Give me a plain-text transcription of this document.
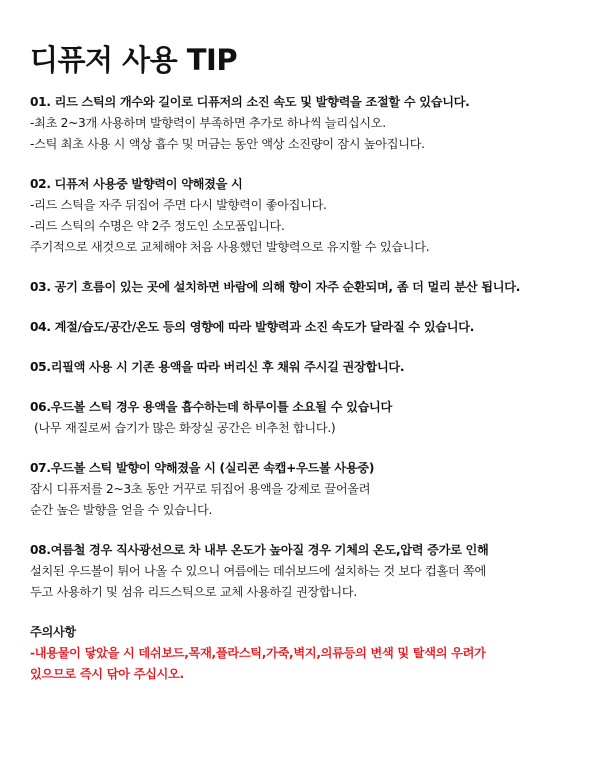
디퓨저 사용 TIP
01. 리드 스틱의 개수와 길이로 디퓨저의 소진 속도 및 발향력을 조절할 수 있습니다.
-최초 2~3개 사용하며 발향력이 부족하면 추가로 하나씩 늘리십시오.
-스틱 최초 사용 시 액상 흡수 및 머금는 동안 액상 소진량이 잠시 높아집니다.
02. 디퓨저 사용중 발향력이 약해졌을 시
-리드 스틱을 자주 뒤집어 주면 다시 발향력이 좋아집니다.
-리드 스틱의 수명은 약 2주 정도인 소모품입니다.
주기적으로 새것으로 교체해야 처음 사용했던 발향력으로 유지할 수 있습니다.
03. 공기 흐름이 있는 곳에 설치하면 바람에 의해 향이 자주 순환되며, 좀 더 멀리 분산 됩니다.
04. 계절/습도/공간/온도 등의 영향에 따라 발향력과 소진 속도가 달라질 수 있습니다.
05.리필액 사용 시 기존 용액을 따라 버리신 후 채워 주시길 권장합니다.
06.우드볼 스틱 경우 용액을 흡수하는데 하루이틀 소요될 수 있습니다
(나무 재질로써 습기가 많은 화장실 공간은 비추천 합니다.)
07.우드볼 스틱 발향이 약해졌을 시 (실리콘 속캡+우드볼 사용중)
잠시 디퓨저를 2~3초 동안 거꾸로 뒤집어 용액을 강제로 끌어올려
순간 높은 발향을 얻을 수 있습니다.
08.여름철 경우 직사광선으로 차 내부 온도가 높아질 경우 기체의 온도,압력 증가로 인해
설치된 우드볼이 튀어 나올 수 있으니 여름에는 데쉬보드에 설치하는 것 보다 컵홀더 쪽에
두고 사용하기 및 섬유 리드스틱으로 교체 사용하길 권장합니다.
주의사항
-내용물이 닿았을 시 데쉬보드,목재,플라스틱,가죽,벽지,의류등의 변색 및 탈색의 우려가
있으므로 즉시 닦아 주십시오.
